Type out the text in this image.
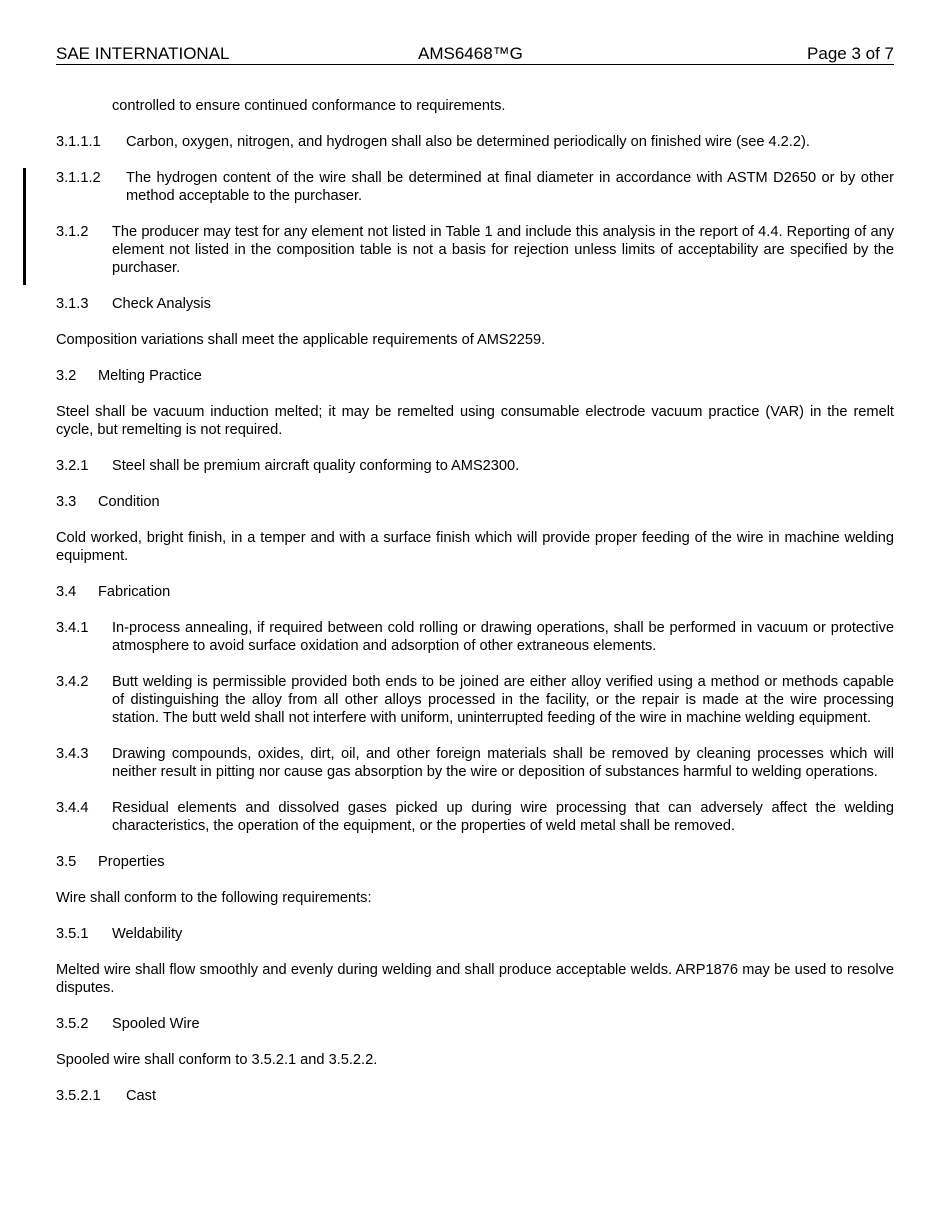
SAE INTERNATIONAL	AMS6468™G	Page 3 of 7

controlled to ensure continued conformance to requirements.

3.1.1.1 Carbon, oxygen, nitrogen, and hydrogen shall also be determined periodically on finished wire (see 4.2.2).
3.1.1.2 The hydrogen content of the wire shall be determined at final diameter in accordance with ASTM D2650 or by other method acceptable to the purchaser.
3.1.2 The producer may test for any element not listed in Table 1 and include this analysis in the report of 4.4. Reporting of any element not listed in the composition table is not a basis for rejection unless limits of acceptability are specified by the purchaser.
3.1.3 Check Analysis

Composition variations shall meet the applicable requirements of AMS2259.

3.2 Melting Practice

Steel shall be vacuum induction melted; it may be remelted using consumable electrode vacuum practice (VAR) in the remelt cycle, but remelting is not required.

3.2.1 Steel shall be premium aircraft quality conforming to AMS2300.
3.3 Condition

Cold worked, bright finish, in a temper and with a surface finish which will provide proper feeding of the wire in machine welding equipment.

3.4 Fabrication
3.4.1 In-process annealing, if required between cold rolling or drawing operations, shall be performed in vacuum or protective atmosphere to avoid surface oxidation and adsorption of other extraneous elements.
3.4.2 Butt welding is permissible provided both ends to be joined are either alloy verified using a method or methods capable of distinguishing the alloy from all other alloys processed in the facility, or the repair is made at the wire processing station. The butt weld shall not interfere with uniform, uninterrupted feeding of the wire in machine welding equipment.
3.4.3 Drawing compounds, oxides, dirt, oil, and other foreign materials shall be removed by cleaning processes which will neither result in pitting nor cause gas absorption by the wire or deposition of substances harmful to welding operations.
3.4.4 Residual elements and dissolved gases picked up during wire processing that can adversely affect the welding characteristics, the operation of the equipment, or the properties of weld metal shall be removed.
3.5 Properties

Wire shall conform to the following requirements:

3.5.1 Weldability

Melted wire shall flow smoothly and evenly during welding and shall produce acceptable welds. ARP1876 may be used to resolve disputes.

3.5.2 Spooled Wire

Spooled wire shall conform to 3.5.2.1 and 3.5.2.2.

3.5.2.1 Cast
